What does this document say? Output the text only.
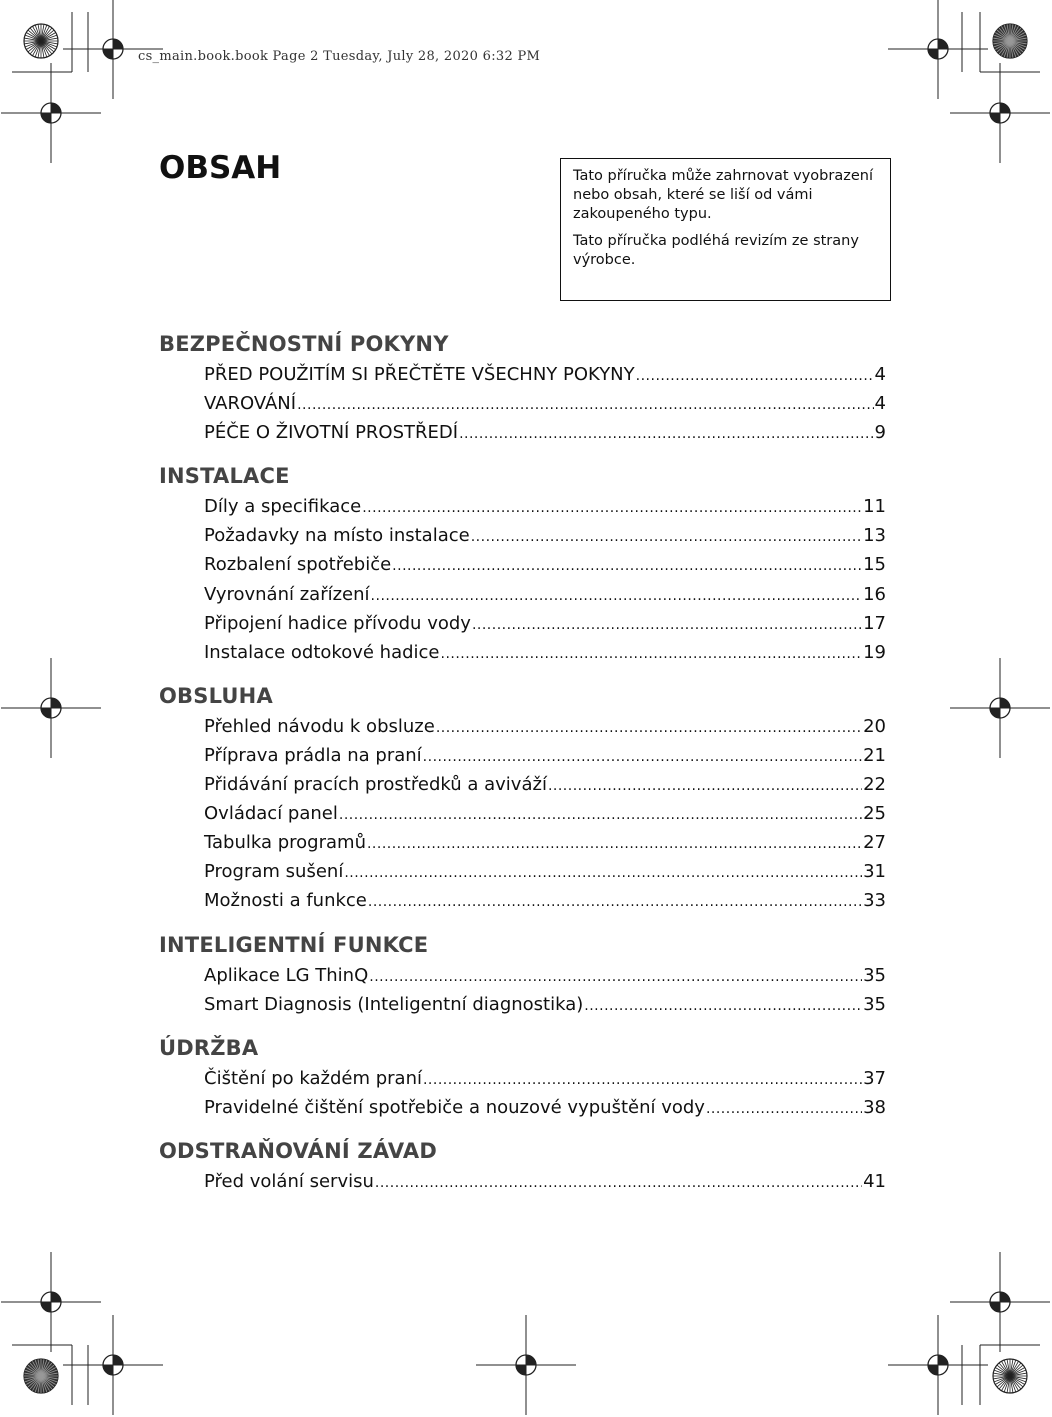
cs_main.book.book Page 2 Tuesday, July 28, 2020 6:32 PM
OBSAH	Tato příručka může zahrnovat vyobrazení nebo obsah, které se liší od vámi zakoupeného typu.

Tato příručka podléhá revizím ze strany výrobce.

BEZPEČNOSTNÍ POKYNY
PŘED POUŽITÍM SI PŘEČTĚTE VŠECHNY POKYNY .....	4
VAROVÁNÍ .....	4
PÉČE O ŽIVOTNÍ PROSTŘEDÍ .....	9
INSTALACE
Díly a specifikace .....	11
Požadavky na místo instalace .....	13
Rozbalení spotřebiče .....	15
Vyrovnání zařízení .....	16
Připojení hadice přívodu vody .....	17
Instalace odtokové hadice .....	19
OBSLUHA
Přehled návodu k obsluze .....	20
Příprava prádla na praní .....	21
Přidávání pracích prostředků a aviváží .....	22
Ovládací panel .....	25
Tabulka programů .....	27
Program sušení .....	31
Možnosti a funkce .....	33
INTELIGENTNÍ FUNKCE
Aplikace LG ThinQ .....	35
Smart Diagnosis (Inteligentní diagnostika) .....	35
ÚDRŽBA
Čištění po každém praní .....	37
Pravidelné čištění spotřebiče a nouzové vypuštění vody .....	38
ODSTRAŇOVÁNÍ ZÁVAD
Před volání servisu .....	41
